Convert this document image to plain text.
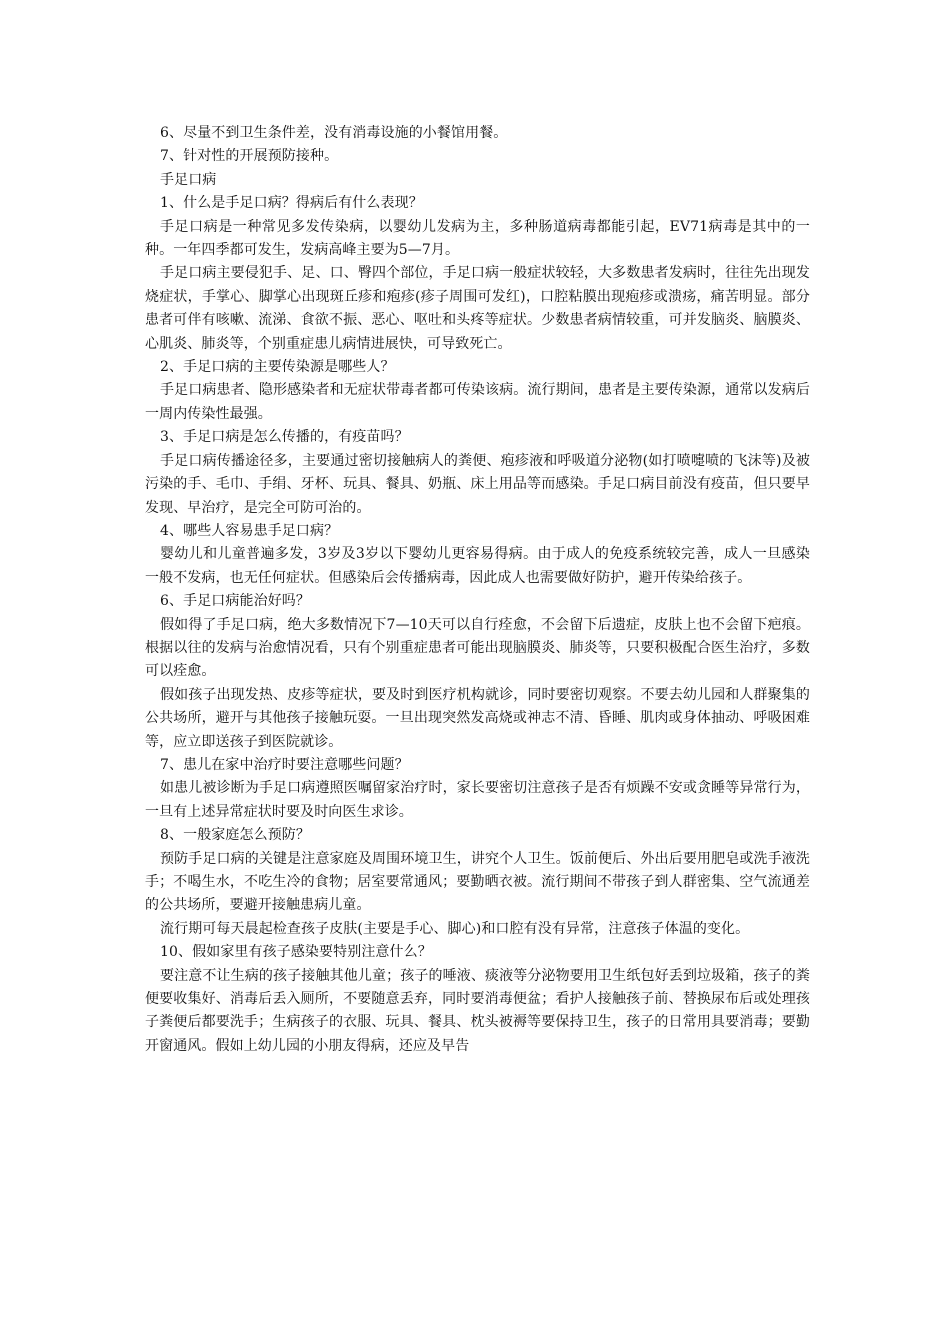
6、尽量不到卫生条件差，没有消毒设施的小餐馆用餐。

7、针对性的开展预防接种。

手足口病

1、什么是手足口病？得病后有什么表现？

手足口病是一种常见多发传染病，以婴幼儿发病为主，多种肠道病毒都能引起，EV71病毒是其中的一种。一年四季都可发生，发病高峰主要为5—7月。

手足口病主要侵犯手、足、口、臀四个部位，手足口病一般症状较轻，大多数患者发病时，往往先出现发烧症状，手掌心、脚掌心出现斑丘疹和疱疹(疹子周围可发红)，口腔粘膜出现疱疹或溃疡，痛苦明显。部分患者可伴有咳嗽、流涕、食欲不振、恶心、呕吐和头疼等症状。少数患者病情较重，可并发脑炎、脑膜炎、心肌炎、肺炎等，个别重症患儿病情进展快，可导致死亡。

2、手足口病的主要传染源是哪些人？

手足口病患者、隐形感染者和无症状带毒者都可传染该病。流行期间，患者是主要传染源，通常以发病后一周内传染性最强。

3、手足口病是怎么传播的，有疫苗吗？

手足口病传播途径多，主要通过密切接触病人的粪便、疱疹液和呼吸道分泌物(如打喷嚏喷的飞沫等)及被污染的手、毛巾、手绢、牙杯、玩具、餐具、奶瓶、床上用品等而感染。手足口病目前没有疫苗，但只要早发现、早治疗，是完全可防可治的。

4、哪些人容易患手足口病？

婴幼儿和儿童普遍多发，3岁及3岁以下婴幼儿更容易得病。由于成人的免疫系统较完善，成人一旦感染一般不发病，也无任何症状。但感染后会传播病毒，因此成人也需要做好防护，避开传染给孩子。

6、手足口病能治好吗？

假如得了手足口病，绝大多数情况下7—10天可以自行痊愈，不会留下后遗症，皮肤上也不会留下疤痕。根据以往的发病与治愈情况看，只有个别重症患者可能出现脑膜炎、肺炎等，只要积极配合医生治疗，多数可以痊愈。

假如孩子出现发热、皮疹等症状，要及时到医疗机构就诊，同时要密切观察。不要去幼儿园和人群聚集的公共场所，避开与其他孩子接触玩耍。一旦出现突然发高烧或神志不清、昏睡、肌肉或身体抽动、呼吸困难等，应立即送孩子到医院就诊。

7、患儿在家中治疗时要注意哪些问题？

如患儿被诊断为手足口病遵照医嘱留家治疗时，家长要密切注意孩子是否有烦躁不安或贪睡等异常行为，一旦有上述异常症状时要及时向医生求诊。

8、一般家庭怎么预防？

预防手足口病的关键是注意家庭及周围环境卫生，讲究个人卫生。饭前便后、外出后要用肥皂或洗手液洗手；不喝生水，不吃生冷的食物；居室要常通风；要勤晒衣被。流行期间不带孩子到人群密集、空气流通差的公共场所，要避开接触患病儿童。

流行期可每天晨起检查孩子皮肤(主要是手心、脚心)和口腔有没有异常，注意孩子体温的变化。

10、假如家里有孩子感染要特别注意什么？

要注意不让生病的孩子接触其他儿童；孩子的唾液、痰液等分泌物要用卫生纸包好丢到垃圾箱，孩子的粪便要收集好、消毒后丢入厕所，不要随意丢弃，同时要消毒便盆；看护人接触孩子前、替换尿布后或处理孩子粪便后都要洗手；生病孩子的衣服、玩具、餐具、枕头被褥等要保持卫生，孩子的日常用具要消毒；要勤开窗通风。假如上幼儿园的小朋友得病，还应及早告
